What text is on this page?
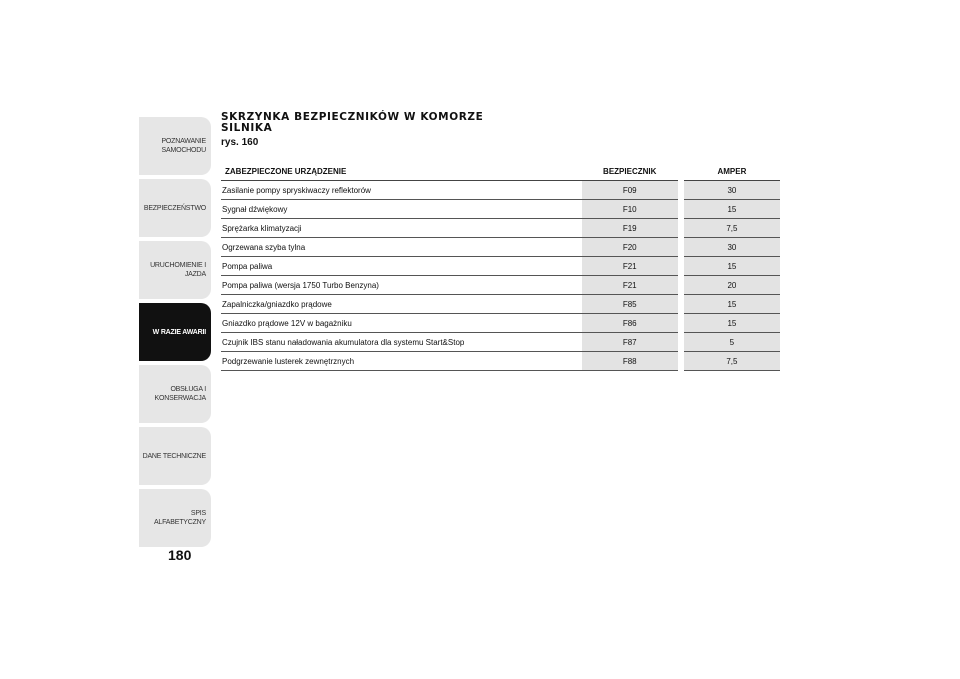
POZNAWANIE
SAMOCHODU
BEZPIECZEŃSTWO
URUCHOMIENIE I
JAZDA
W RAZIE AWARII
OBSŁUGA I
KONSERWACJA
DANE TECHNICZNE
SPIS ALFABETYCZNY
180
SKRZYNKA BEZPIECZNIKÓW W KOMORZE SILNIKA
rys. 160
ZABEZPIECZONE URZĄDZENIE	BEZPIECZNIK	AMPER
Zasilanie pompy spryskiwaczy reflektorów	F09	30
Sygnał dźwiękowy	F10	15
Sprężarka klimatyzacji	F19	7,5
Ogrzewana szyba tylna	F20	30
Pompa paliwa	F21	15
Pompa paliwa (wersja 1750 Turbo Benzyna)	F21	20
Zapalniczka/gniazdko prądowe	F85	15
Gniazdko prądowe 12V w bagażniku	F86	15
Czujnik IBS stanu naładowania akumulatora dla systemu Start&Stop	F87	5
Podgrzewanie lusterek zewnętrznych	F88	7,5
